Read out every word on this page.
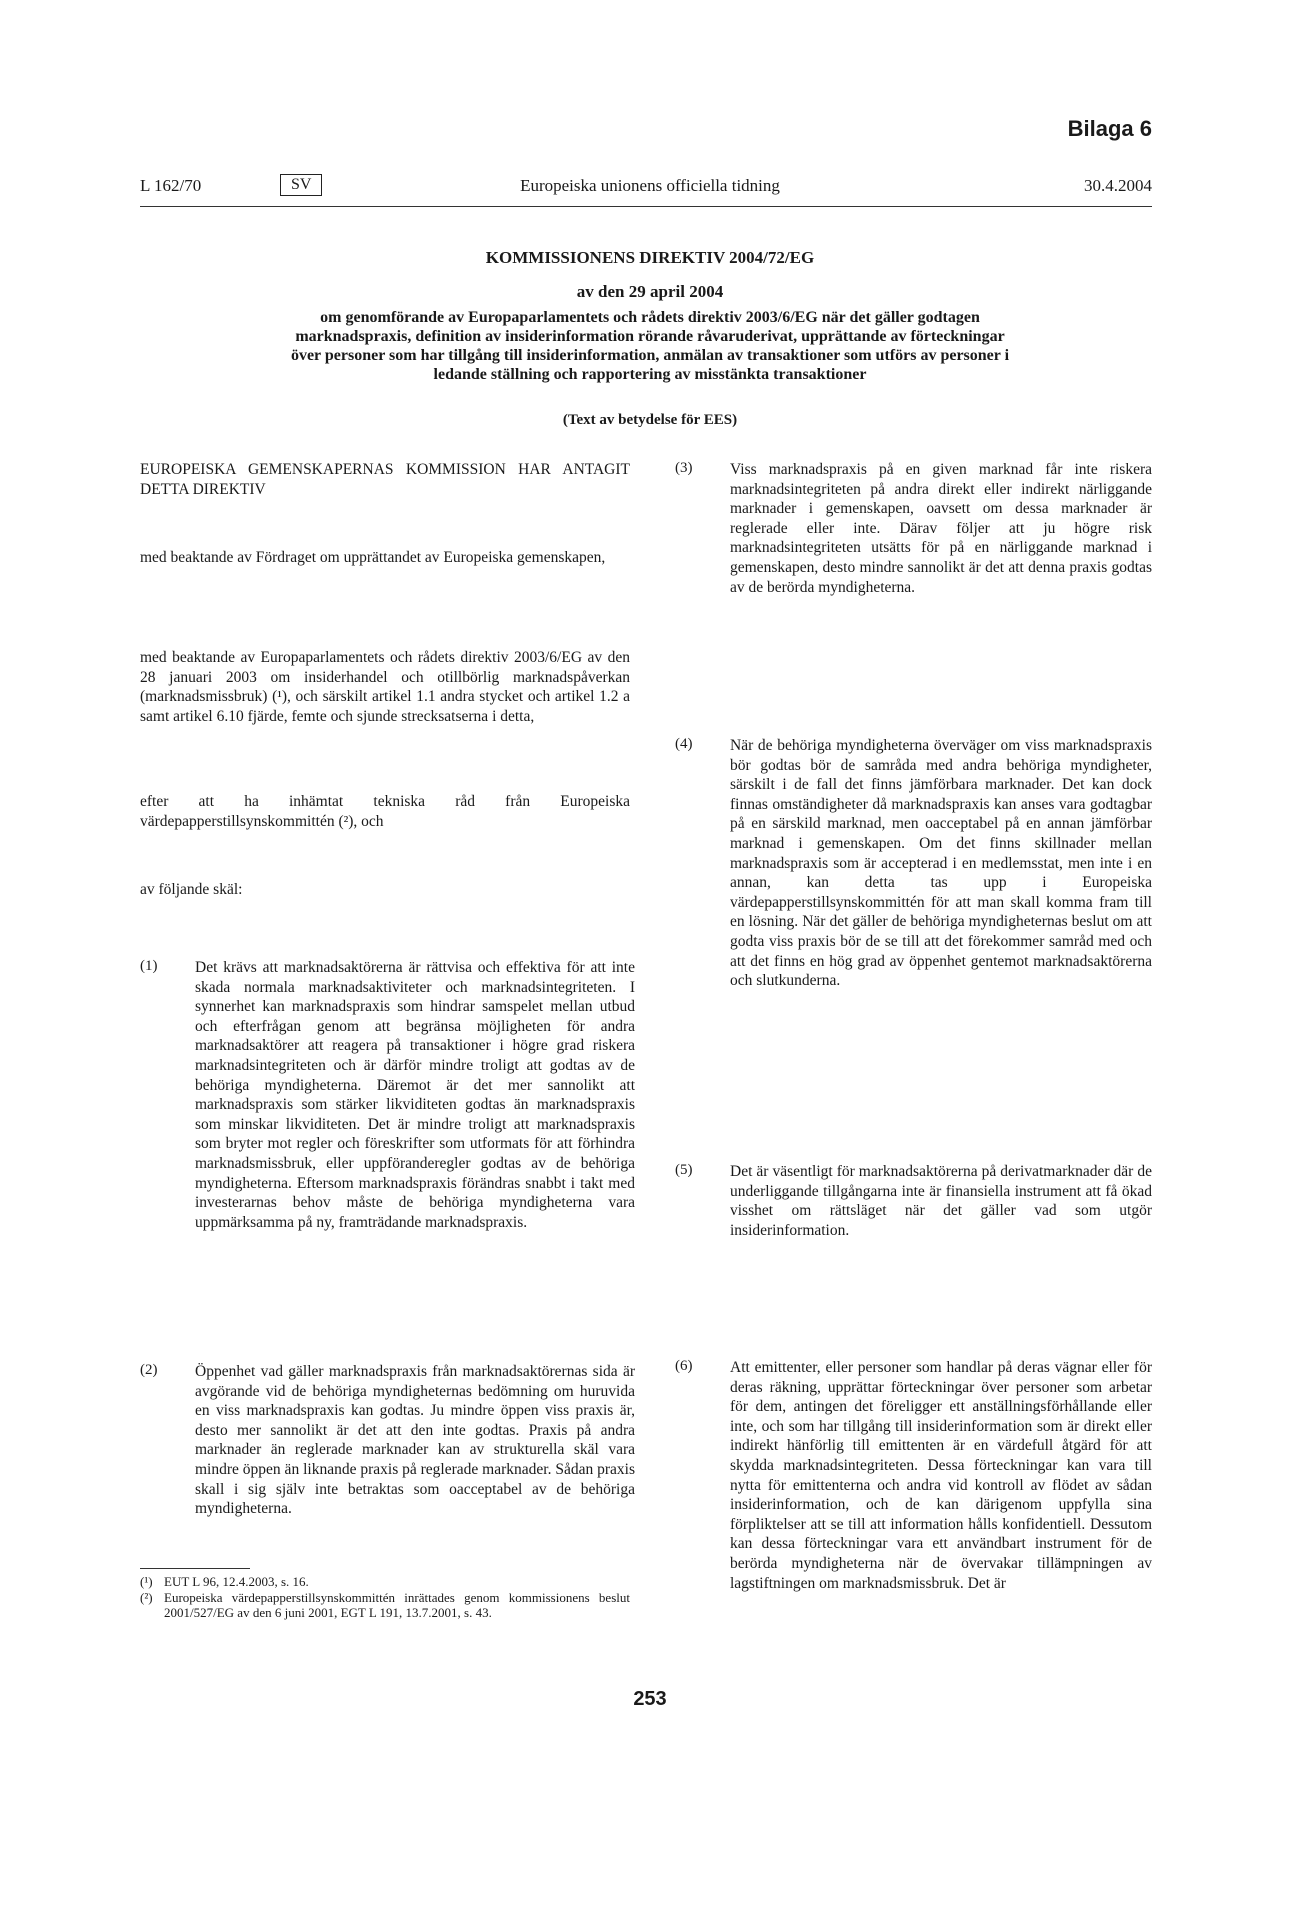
Bilaga 6
L 162/70	SV	Europeiska unionens officiella tidning	30.4.2004
KOMMISSIONENS DIREKTIV 2004/72/EG
av den 29 april 2004
om genomförande av Europaparlamentets och rådets direktiv 2003/6/EG när det gäller godtagen marknadspraxis, definition av insiderinformation rörande råvaruderivat, upprättande av förteckningar över personer som har tillgång till insiderinformation, anmälan av transaktioner som utförs av personer i ledande ställning och rapportering av misstänkta transaktioner
(Text av betydelse för EES)
EUROPEISKA GEMENSKAPERNAS KOMMISSION HAR ANTAGIT DETTA DIREKTIV
med beaktande av Fördraget om upprättandet av Europeiska gemenskapen,
med beaktande av Europaparlamentets och rådets direktiv 2003/6/EG av den 28 januari 2003 om insiderhandel och otillbörlig marknadspåverkan (marknadsmissbruk) (¹), och särskilt artikel 1.1 andra stycket och artikel 1.2 a samt artikel 6.10 fjärde, femte och sjunde strecksatserna i detta,
efter att ha inhämtat tekniska råd från Europeiska värdepapperstillsynskommittén (²), och
av följande skäl:
(1) Det krävs att marknadsaktörerna är rättvisa och effektiva för att inte skada normala marknadsaktiviteter och marknadsintegriteten. I synnerhet kan marknadspraxis som hindrar samspelet mellan utbud och efterfrågan genom att begränsa möjligheten för andra marknadsaktörer att reagera på transaktioner i högre grad riskera marknadsintegriteten och är därför mindre troligt att godtas av de behöriga myndigheterna. Däremot är det mer sannolikt att marknadspraxis som stärker likviditeten godtas än marknadspraxis som minskar likviditeten. Det är mindre troligt att marknadspraxis som bryter mot regler och föreskrifter som utformats för att förhindra marknadsmissbruk, eller uppföranderegler godtas av de behöriga myndigheterna. Eftersom marknadspraxis förändras snabbt i takt med investerarnas behov måste de behöriga myndigheterna vara uppmärksamma på ny, framträdande marknadspraxis.
(2) Öppenhet vad gäller marknadspraxis från marknadsaktörernas sida är avgörande vid de behöriga myndigheternas bedömning om huruvida en viss marknadspraxis kan godtas. Ju mindre öppen viss praxis är, desto mer sannolikt är det att den inte godtas. Praxis på andra marknader än reglerade marknader kan av strukturella skäl vara mindre öppen än liknande praxis på reglerade marknader. Sådan praxis skall i sig själv inte betraktas som oacceptabel av de behöriga myndigheterna.
(¹) EUT L 96, 12.4.2003, s. 16.
(²) Europeiska värdepapperstillsynskommittén inrättades genom kommissionens beslut 2001/527/EG av den 6 juni 2001, EGT L 191, 13.7.2001, s. 43.
(3) Viss marknadspraxis på en given marknad får inte riskera marknadsintegriteten på andra direkt eller indirekt närliggande marknader i gemenskapen, oavsett om dessa marknader är reglerade eller inte. Därav följer att ju högre risk marknadsintegriteten utsätts för på en närliggande marknad i gemenskapen, desto mindre sannolikt är det att denna praxis godtas av de berörda myndigheterna.
(4) När de behöriga myndigheterna överväger om viss marknadspraxis bör godtas bör de samråda med andra behöriga myndigheter, särskilt i de fall det finns jämförbara marknader. Det kan dock finnas omständigheter då marknadspraxis kan anses vara godtagbar på en särskild marknad, men oacceptabel på en annan jämförbar marknad i gemenskapen. Om det finns skillnader mellan marknadspraxis som är accepterad i en medlemsstat, men inte i en annan, kan detta tas upp i Europeiska värdepapperstillsynskommittén för att man skall komma fram till en lösning. När det gäller de behöriga myndigheternas beslut om att godta viss praxis bör de se till att det förekommer samråd med och att det finns en hög grad av öppenhet gentemot marknadsaktörerna och slutkunderna.
(5) Det är väsentligt för marknadsaktörerna på derivatmarknader där de underliggande tillgångarna inte är finansiella instrument att få ökad visshet om rättsläget när det gäller vad som utgör insiderinformation.
(6) Att emittenter, eller personer som handlar på deras vägnar eller för deras räkning, upprättar förteckningar över personer som arbetar för dem, antingen det föreligger ett anställningsförhållande eller inte, och som har tillgång till insiderinformation som är direkt eller indirekt hänförlig till emittenten är en värdefull åtgärd för att skydda marknadsintegriteten. Dessa förteckningar kan vara till nytta för emittenterna och andra vid kontroll av flödet av sådan insiderinformation, och de kan därigenom uppfylla sina förpliktelser att se till att information hålls konfidentiell. Dessutom kan dessa förteckningar vara ett användbart instrument för de berörda myndigheterna när de övervakar tillämpningen av lagstiftningen om marknadsmissbruk. Det är
253
